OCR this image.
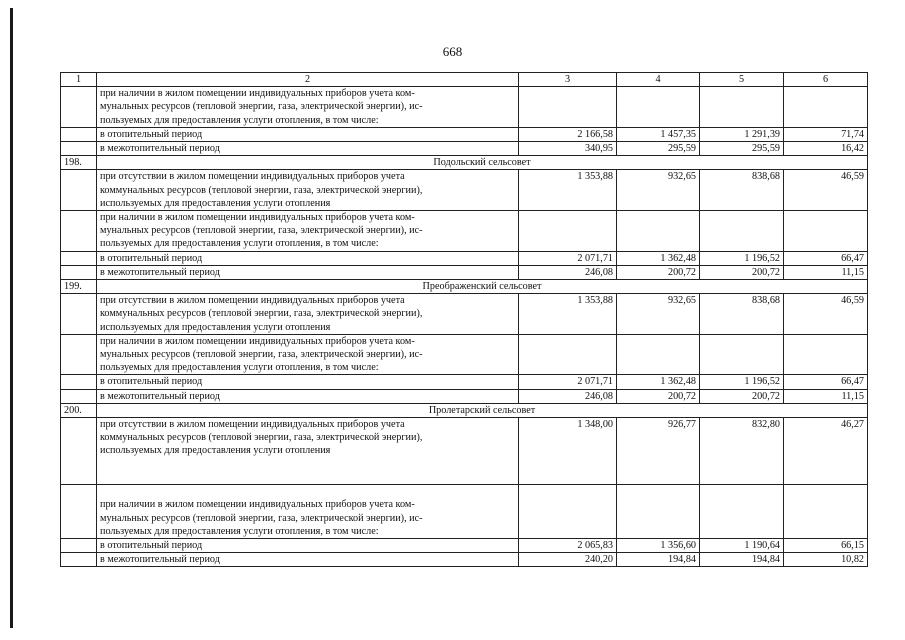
668
1	2	3	4	5	6

	при наличии в жилом помещении индивидуальных приборов учета ком-
мунальных ресурсов (тепловой энергии, газа, электрической энергии), ис-
пользуемых для предоставления услуги отопления, в том числе:				

	в отопительный период	2 166,58	1 457,35	1 291,39	71,74
	в межотопительный период	340,95	295,59	295,59	16,42
198.	Подольский сельсовет				

	при отсутствии в жилом помещении индивидуальных приборов учета
коммунальных ресурсов (тепловой энергии, газа, электрической энергии),
используемых для предоставления услуги отопления	1 353,88	932,65	838,68	46,59

	при наличии в жилом помещении индивидуальных приборов учета ком-
мунальных ресурсов (тепловой энергии, газа, электрической энергии), ис-
пользуемых для предоставления услуги отопления, в том числе:				

	в отопительный период	2 071,71	1 362,48	1 196,52	66,47
	в межотопительный период	246,08	200,72	200,72	11,15
199.	Преображенский сельсовет				

	при отсутствии в жилом помещении индивидуальных приборов учета
коммунальных ресурсов (тепловой энергии, газа, электрической энергии),
используемых для предоставления услуги отопления	1 353,88	932,65	838,68	46,59

	при наличии в жилом помещении индивидуальных приборов учета ком-
мунальных ресурсов (тепловой энергии, газа, электрической энергии), ис-
пользуемых для предоставления услуги отопления, в том числе:				

	в отопительный период	2 071,71	1 362,48	1 196,52	66,47
	в межотопительный период	246,08	200,72	200,72	11,15
200.	Пролетарский сельсовет				

	при отсутствии в жилом помещении индивидуальных приборов учета
коммунальных ресурсов (тепловой энергии, газа, электрической энергии),
используемых для предоставления услуги отопления	1 348,00	926,77	832,80	46,27

	при наличии в жилом помещении индивидуальных приборов учета ком-
мунальных ресурсов (тепловой энергии, газа, электрической энергии), ис-
пользуемых для предоставления услуги отопления, в том числе:				

	в отопительный период	2 065,83	1 356,60	1 190,64	66,15
	в межотопительный период	240,20	194,84	194,84	10,82
